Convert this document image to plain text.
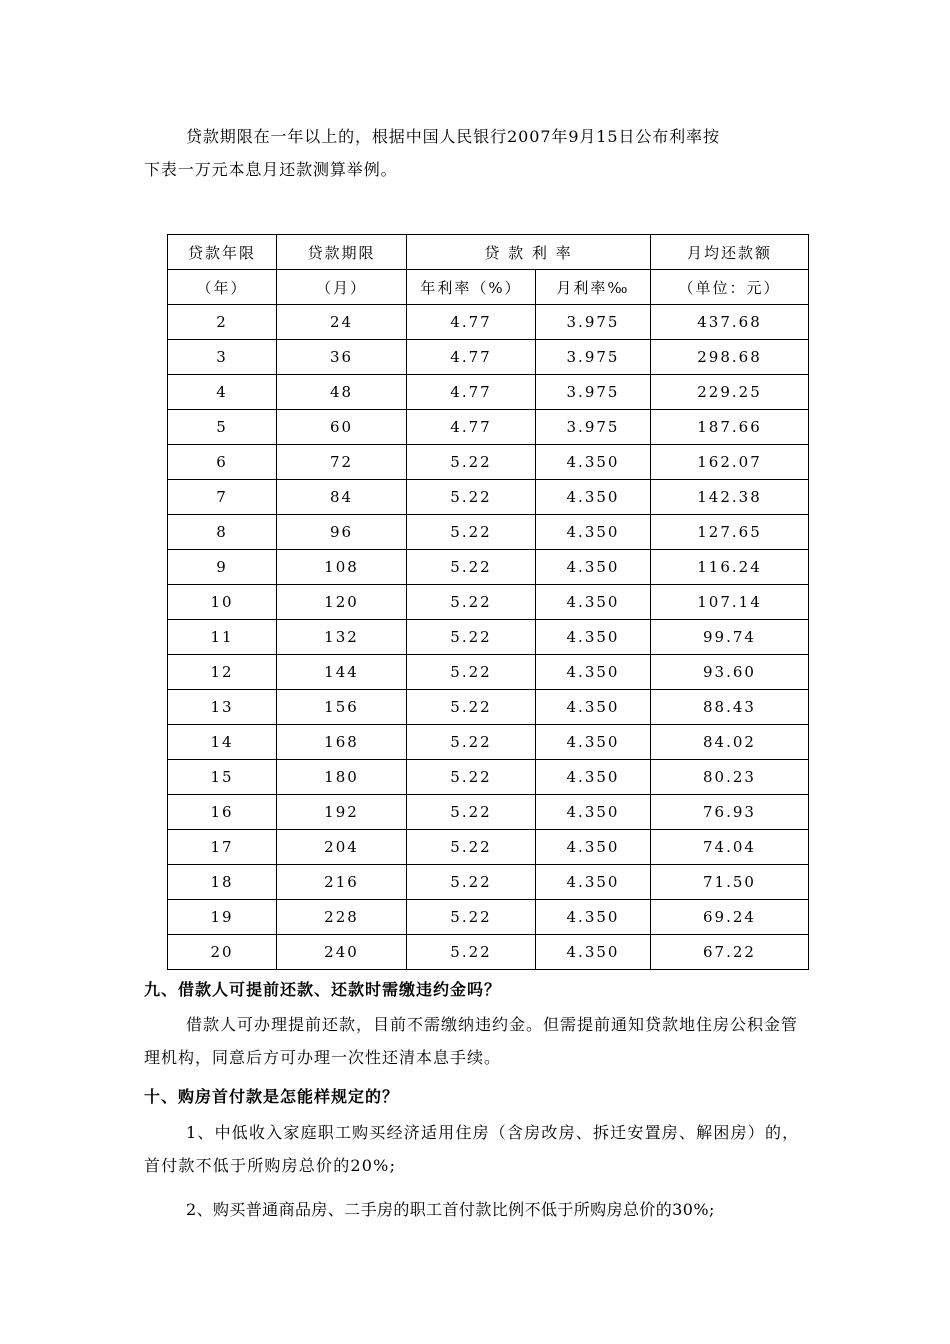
贷款期限在一年以上的，根据中国人民银行2007年9月15日公布利率按
下表一万元本息月还款测算举例。
贷款年限	贷款期限	贷 款 利 率		月均还款额
（年）	（月）	年利率（%）	月利率‰	（单位：元）
2	24	4.77	3.975	437.68
3	36	4.77	3.975	298.68
4	48	4.77	3.975	229.25
5	60	4.77	3.975	187.66
6	72	5.22	4.350	162.07
7	84	5.22	4.350	142.38
8	96	5.22	4.350	127.65
9	108	5.22	4.350	116.24
10	120	5.22	4.350	107.14
11	132	5.22	4.350	99.74
12	144	5.22	4.350	93.60
13	156	5.22	4.350	88.43
14	168	5.22	4.350	84.02
15	180	5.22	4.350	80.23
16	192	5.22	4.350	76.93
17	204	5.22	4.350	74.04
18	216	5.22	4.350	71.50
19	228	5.22	4.350	69.24
20	240	5.22	4.350	67.22
九、借款人可提前还款、还款时需缴违约金吗？
借款人可办理提前还款，目前不需缴纳违约金。但需提前通知贷款地住房公积金管理机构，同意后方可办理一次性还清本息手续。
十、购房首付款是怎能样规定的？
1、中低收入家庭职工购买经济适用住房（含房改房、拆迁安置房、解困房）的，首付款不低于所购房总价的20%;
2、购买普通商品房、二手房的职工首付款比例不低于所购房总价的30%;
